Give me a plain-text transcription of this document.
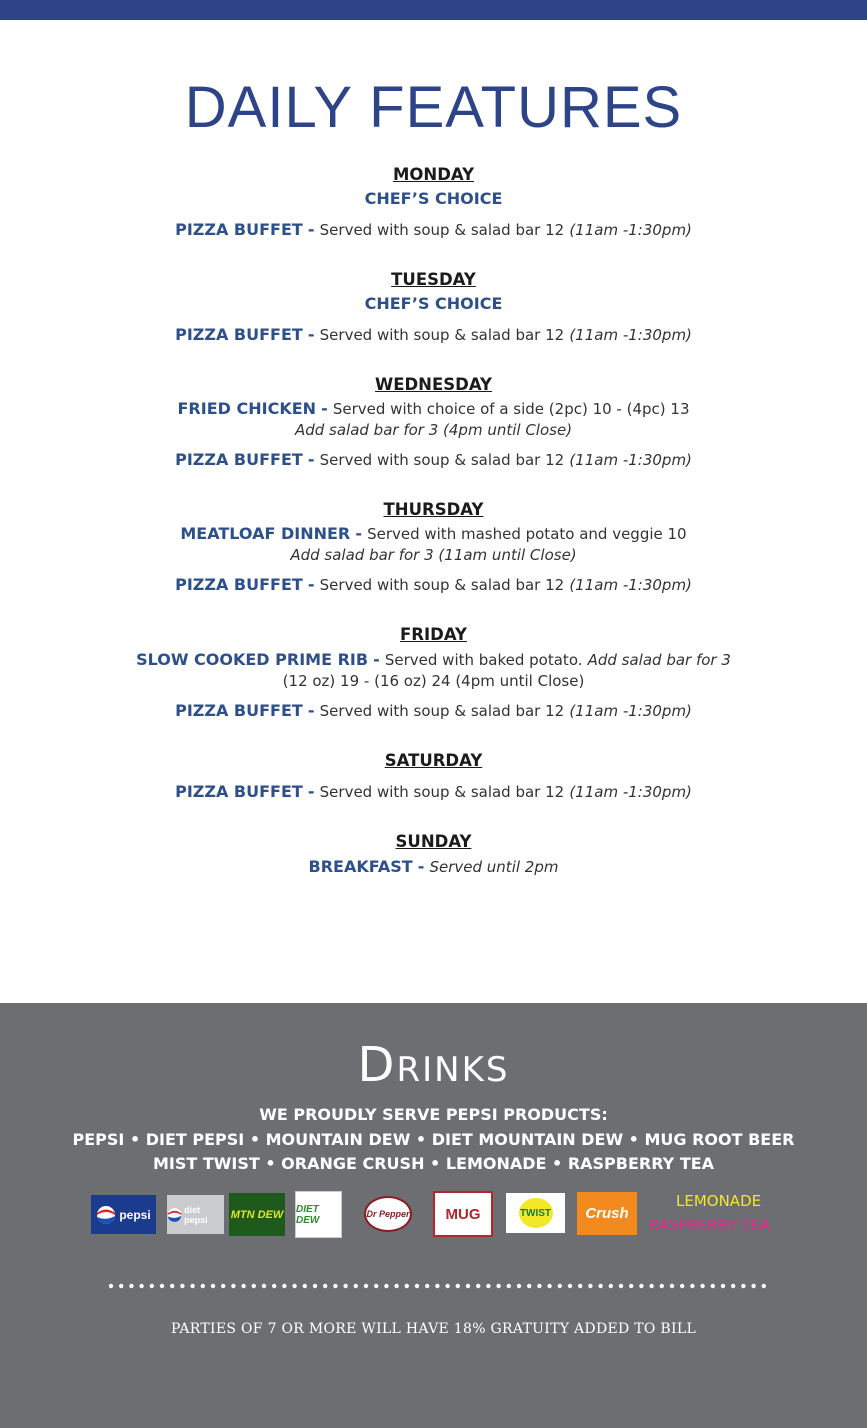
DAILY FEATURES
MONDAY
CHEF’S CHOICE
PIZZA BUFFET - Served with soup & salad bar 12 (11am -1:30pm)
TUESDAY
CHEF’S CHOICE
PIZZA BUFFET - Served with soup & salad bar 12 (11am -1:30pm)
WEDNESDAY
FRIED CHICKEN - Served with choice of a side (2pc) 10 - (4pc) 13
Add salad bar for 3 (4pm until Close)
PIZZA BUFFET - Served with soup & salad bar 12 (11am -1:30pm)
THURSDAY
MEATLOAF DINNER - Served with mashed potato and veggie 10
Add salad bar for 3 (11am until Close)
PIZZA BUFFET - Served with soup & salad bar 12 (11am -1:30pm)
FRIDAY
SLOW COOKED PRIME RIB - Served with baked potato. Add salad bar for 3
(12 oz) 19 - (16 oz) 24 (4pm until Close)
PIZZA BUFFET - Served with soup & salad bar 12 (11am -1:30pm)
SATURDAY
PIZZA BUFFET - Served with soup & salad bar 12 (11am -1:30pm)
SUNDAY
BREAKFAST - Served until 2pm
DRINKS
WE PROUDLY SERVE PEPSI PRODUCTS:
PEPSI • DIET PEPSI • MOUNTAIN DEW • DIET MOUNTAIN DEW • MUG ROOT BEER
MIST TWIST • ORANGE CRUSH • LEMONADE • RASPBERRY TEA
pepsi	diet pepsi	MTN DEW DIET DEW
Dr Pepper	MUG	TWIST	Crush
LEMONADE
RASPBERRY TEA
PARTIES OF 7 OR MORE WILL HAVE 18% GRATUITY ADDED TO BILL
